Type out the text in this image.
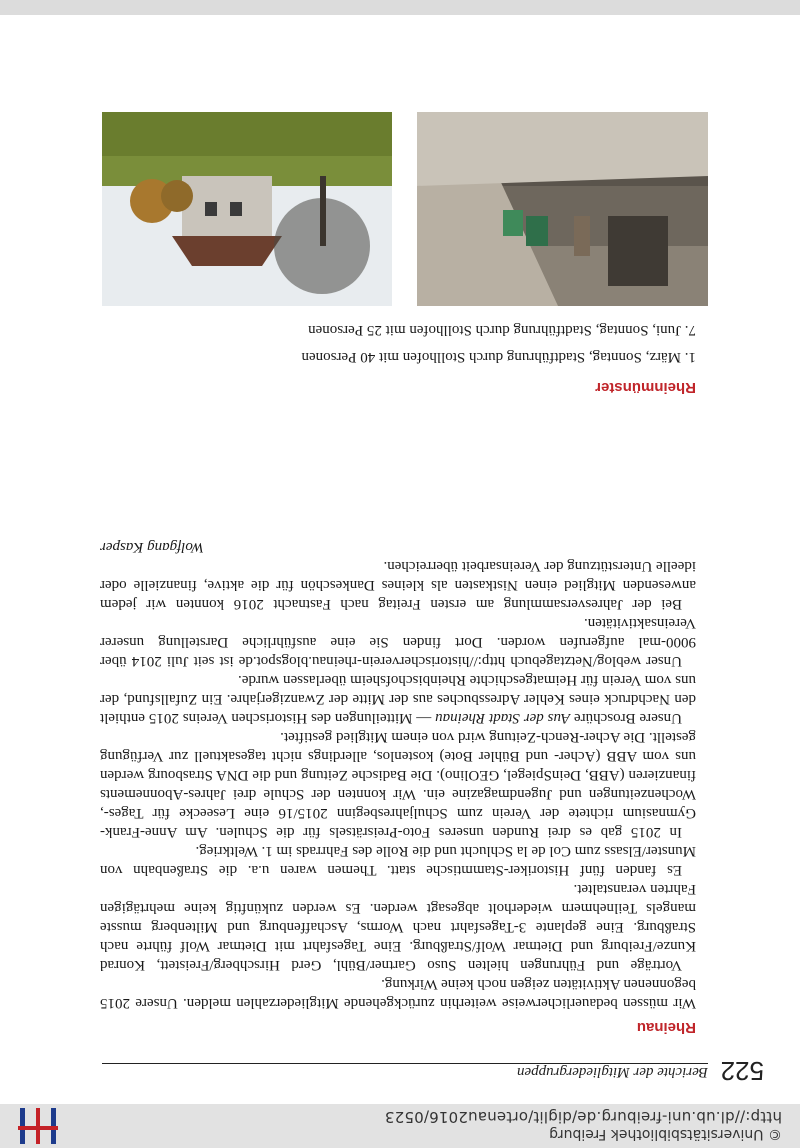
© Universitätsbibliothek Freiburg
http://dl.ub.uni-freiburg.de/diglit/ortenau2016/0523
522
Berichte der Mitgliedergruppen
Rheinau

Wir müssen bedauerlicherweise weiterhin zurückgehende Mitgliederzahlen melden. Unsere 2015 begonnenen Aktivitäten zeigen noch keine Wirkung.

Vorträge und Führungen hielten Suso Gartner/Bühl, Gerd Hirschberg/Freistett, Konrad Kunze/Freiburg und Dietmar Wolf/Straßburg. Eine Tagesfahrt mit Dietmar Wolf führte nach Straßburg. Eine geplante 3-Tagesfahrt nach Worms, Aschaffenburg und Miltenberg musste mangels Teilnehmern wiederholt abgesagt werden. Es werden zukünftig keine mehrtägigen Fahrten veranstaltet.

Es fanden fünf Historiker-Stammtische statt. Themen waren u.a. die Straßenbahn von Munster/Elsass zum Col de la Schlucht und die Rolle des Fahrrads im 1. Weltkrieg.

In 2015 gab es drei Runden unseres Foto-Preisrätsels für die Schulen. Am Anne-Frank-Gymnasium richtete der Verein zum Schuljahresbeginn 2015/16 eine Leseecke für Tages-, Wochenzeitungen und Jugendmagazine ein. Wir konnten der Schule drei Jahres-Abonnements finanzieren (ABB, DeinSpiegel, GEOlino). Die Badische Zeitung und die DNA Strasbourg werden uns vom ABB (Acher- und Bühler Bote) kostenlos, allerdings nicht tagesaktuell zur Verfügung gestellt. Die Acher-Rench-Zeitung wird von einem Mitglied gestiftet.

Unsere Broschüre Aus der Stadt Rheinau — Mitteilungen des Historischen Vereins 2015 enthielt den Nachdruck eines Kehler Adressbuches aus der Mitte der Zwanzigerjahre. Ein Zufallsfund, der uns vom Verein für Heimatgeschichte Rheinbischofsheim überlassen wurde.

Unser weblog/Netztagebuch http://historischerverein-rheinau.blogspot.de ist seit Juli 2014 über 9000-mal aufgerufen worden. Dort finden Sie eine ausführliche Darstellung unserer Vereinsaktivitäten.

Bei der Jahresversammlung am ersten Freitag nach Fastnacht 2016 konnten wir jedem anwesenden Mitglied einen Nistkasten als kleines Dankeschön für die aktive, finanzielle oder ideelle Unterstützung der Vereinsarbeit überreichen.

Wolfgang Kasper
Rheinmünster

1. März, Sonntag, Stadtführung durch Stollhofen mit 40 Personen

7. Juni, Sonntag, Stadtführung durch Stollhofen mit 25 Personen
